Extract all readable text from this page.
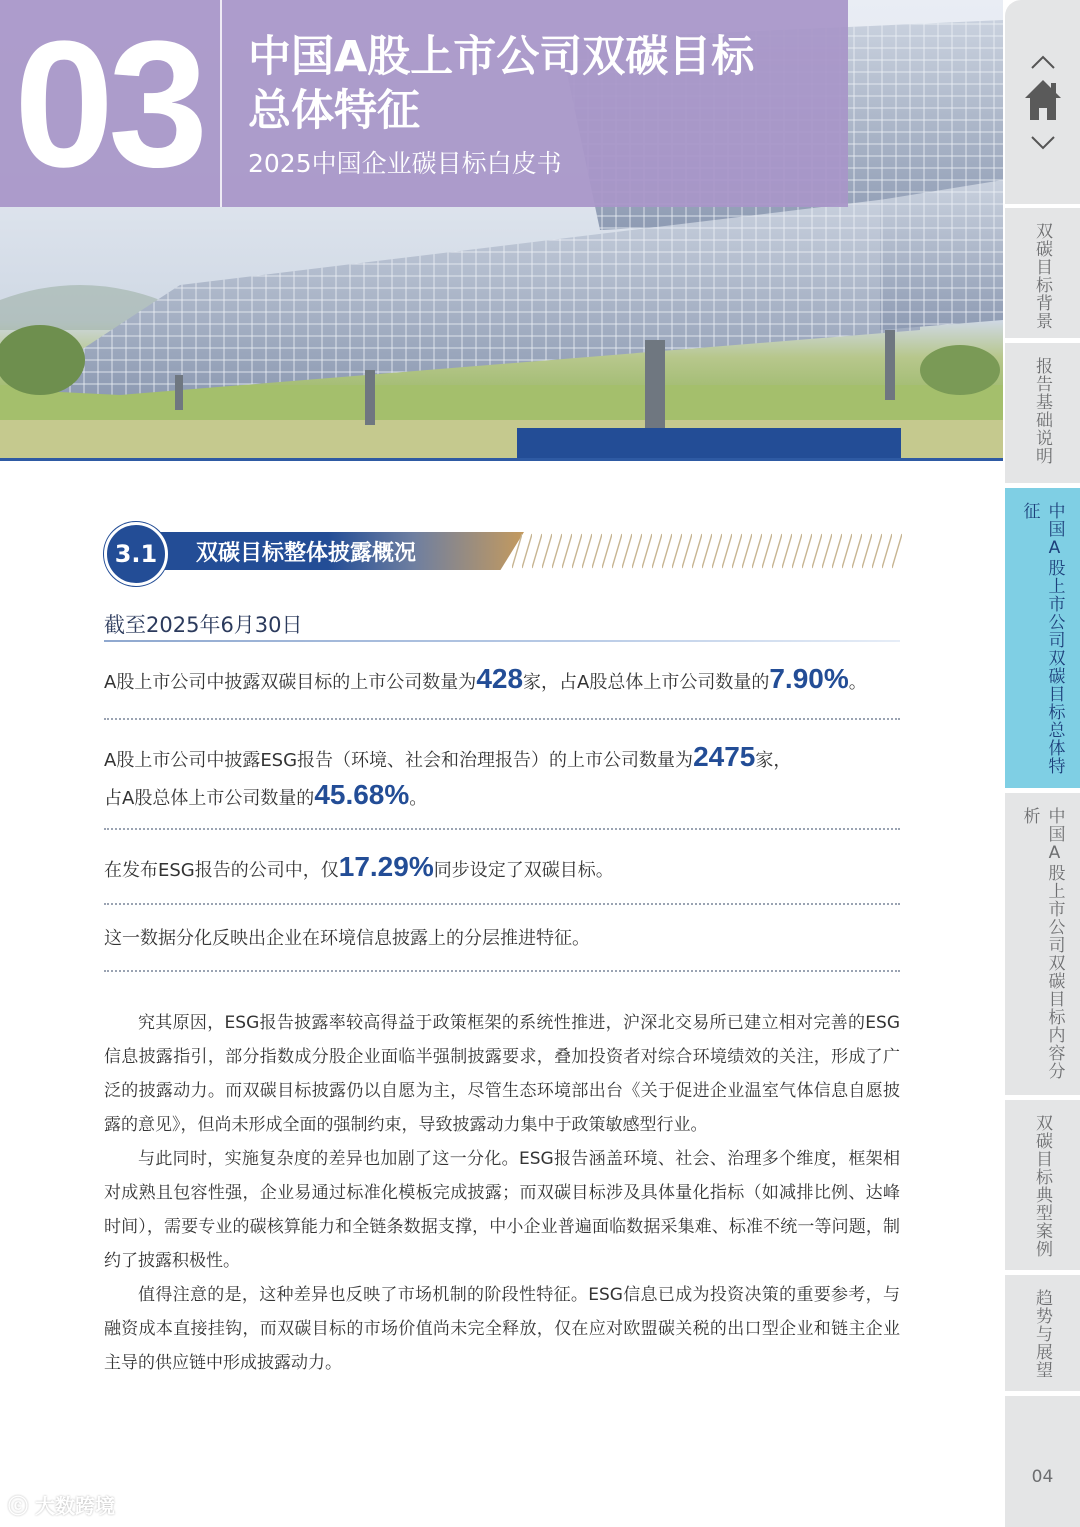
03 中国A股上市公司双碳目标
总体特征
2025中国企业碳目标白皮书
双碳目标背景
报告基础说明
中国A股上市公司双碳目标总体特征
中国A股上市公司双碳目标内容分析
双碳目标典型案例
趋势与展望
04
3.1	双碳目标整体披露概况
截至2025年6月30日
A股上市公司中披露双碳目标的上市公司数量为428家，占A股总体上市公司数量的7.90%。
A股上市公司中披露ESG报告（环境、社会和治理报告）的上市公司数量为2475家，
占A股总体上市公司数量的45.68%。
在发布ESG报告的公司中，仅17.29%同步设定了双碳目标。
这一数据分化反映出企业在环境信息披露上的分层推进特征。

究其原因，ESG报告披露率较高得益于政策框架的系统性推进，沪深北交易所已建立相对完善的ESG信息披露指引，部分指数成分股企业面临半强制披露要求，叠加投资者对综合环境绩效的关注，形成了广泛的披露动力。而双碳目标披露仍以自愿为主，尽管生态环境部出台《关于促进企业温室气体信息自愿披露的意见》，但尚未形成全面的强制约束，导致披露动力集中于政策敏感型行业。

与此同时，实施复杂度的差异也加剧了这一分化。ESG报告涵盖环境、社会、治理多个维度，框架相对成熟且包容性强，企业易通过标准化模板完成披露；而双碳目标涉及具体量化指标（如减排比例、达峰时间），需要专业的碳核算能力和全链条数据支撑，中小企业普遍面临数据采集难、标准不统一等问题，制约了披露积极性。

值得注意的是，这种差异也反映了市场机制的阶段性特征。ESG信息已成为投资决策的重要参考，与融资成本直接挂钩，而双碳目标的市场价值尚未完全释放，仅在应对欧盟碳关税的出口型企业和链主企业主导的供应链中形成披露动力。

ⓒ 大数跨境
